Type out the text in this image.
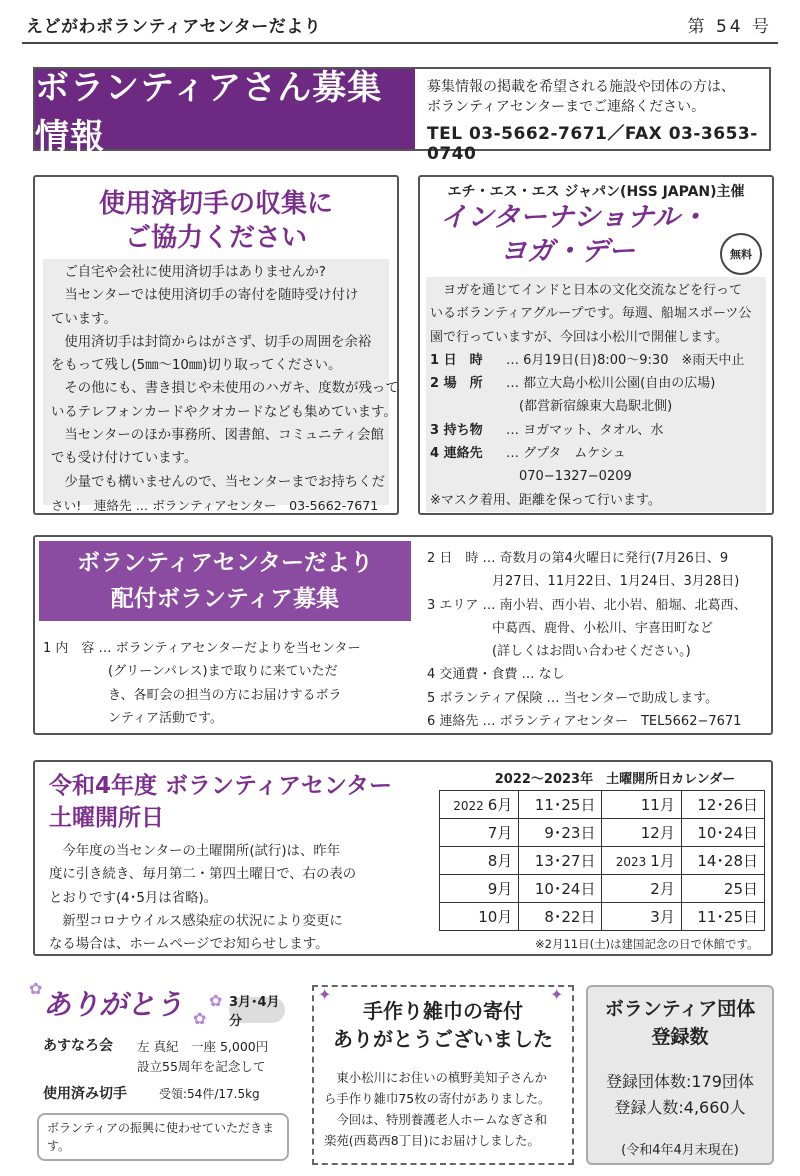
えどがわボランティアセンターだより	第 54 号
ボランティアさん募集情報
募集情報の掲載を希望される施設や団体の方は、
ボランティアセンターまでご連絡ください。
TEL 03-5662-7671／FAX 03-3653-0740
使用済切手の収集に
ご協力ください

ご自宅や会社に使用済切手はありませんか?

当センターでは使用済切手の寄付を随時受け付け

ています。

使用済切手は封筒からはがさず、切手の周囲を余裕

をもって残し(5㎜～10㎜)切り取ってください。

その他にも、書き損じや未使用のハガキ、度数が残って

いるテレフォンカードやクオカードなども集めています。

当センターのほか事務所、図書館、コミュニティ会館

でも受け付けています。

少量でも構いませんので、当センターまでお持ちくだ

さい!　連絡先 … ボランティアセンター　03-5662-7671

エチ・エス・エス ジャパン(HSS JAPAN)主催
インターナショナル・
ヨガ・デー	無料

ヨガを通じてインドと日本の文化交流などを行って

いるボランティアグループです。毎週、船堀スポーツ公

園で行っていますが、今回は小松川で開催します。

1 日　時	… 6月19日(日)8:00～9:30　※雨天中止
2 場　所	… 都立大島小松川公園(自由の広場)
　(都営新宿線東大島駅北側)
3 持ち物	… ヨガマット、タオル、水
4 連絡先	… グプタ　ムケシュ
　070−1327−0209

※マスク着用、距離を保って行います。

ボランティアセンターだより
配付ボランティア募集

1 内　容 … ボランティアセンターだよりを当センター

　　　　　(グリーンパレス)まで取りに来ていただ

　　　　　き、各町会の担当の方にお届けするボラ

　　　　　ンティア活動です。

2 日　時 … 奇数月の第4火曜日に発行(7月26日、9

　　　　　月27日、11月22日、1月24日、3月28日)

3 エリア … 南小岩、西小岩、北小岩、船堀、北葛西、

　　　　　中葛西、鹿骨、小松川、宇喜田町など

　　　　　(詳しくはお問い合わせください。)

4 交通費・食費 … なし

5 ボランティア保険 … 当センターで助成します。

6 連絡先 … ボランティアセンター　TEL5662−7671

令和4年度 ボランティアセンター
土曜開所日

今年度の当センターの土曜開所(試行)は、昨年

度に引き続き、毎月第二・第四土曜日で、右の表の

とおりです(4･5月は省略)。

新型コロナウイルス感染症の状況により変更に

なる場合は、ホームページでお知らせします。

2022～2023年　土曜開所日カレンダー
2022 6月	11･25日	11月	12･26日
7月	9･23日	12月	10･24日
8月	13･27日	2023 1月	14･28日
9月	10･24日	2月	25日
10月	8･22日	3月	11･25日
※2月11日(土)は建国記念の日で休館です。
✿
✿
✿
ありがとう	3月･4月分
あすなろ会 左 真紀　一座 5,000円
設立55周年を記念して
使用済み切手	受領:54件/17.5kg
ボランティアの振興に使わせていただきます。
✦	✦
手作り雑巾の寄付
ありがとうございました

東小松川にお住いの槙野美知子さんか

ら手作り雑巾75枚の寄付がありました。

今回は、特別養護老人ホームなぎさ和

楽苑(西葛西8丁目)にお届けしました。

ボランティア団体
登録数
登録団体数:179団体
登録人数:4,660人
(令和4年4月末現在)
